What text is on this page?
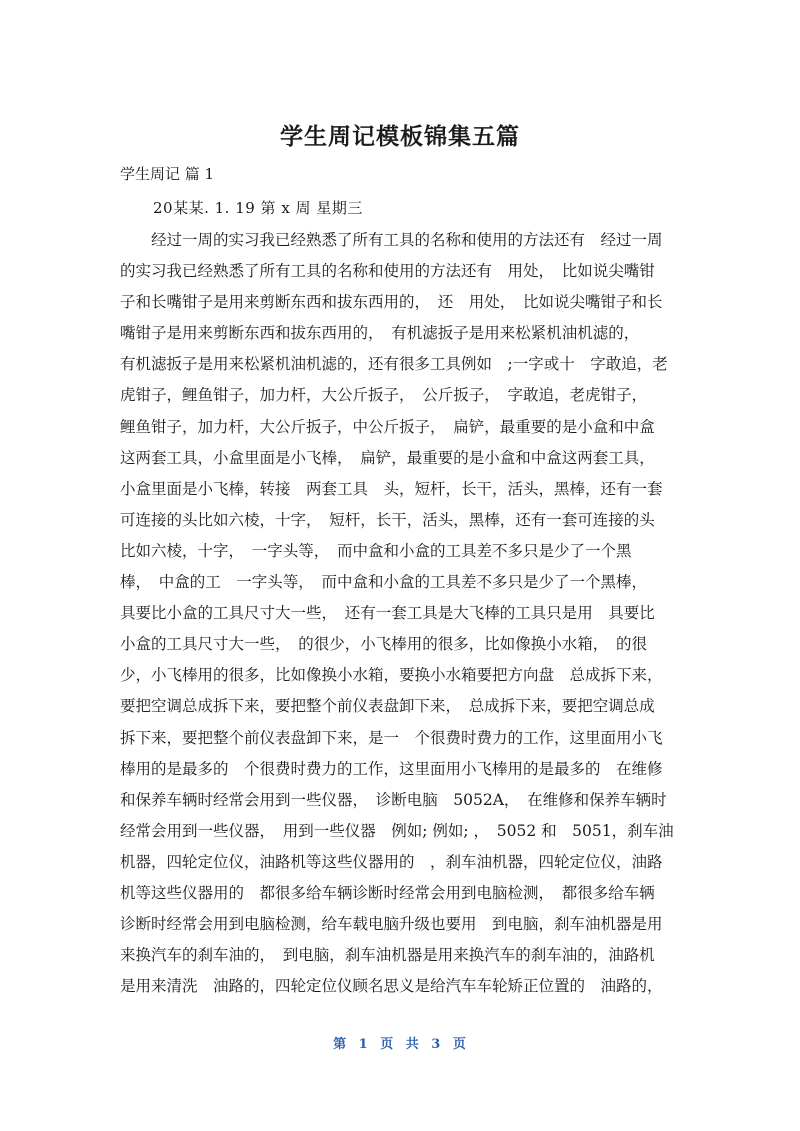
学生周记模板锦集五篇

学生周记 篇 1

20某某. 1. 19 第 x 周 星期三

　　经过一周的实习我已经熟悉了所有工具的名称和使用的方法还有　经过一周
的实习我已经熟悉了所有工具的名称和使用的方法还有　用处，　比如说尖嘴钳
子和长嘴钳子是用来剪断东西和拔东西用的，　还　用处，　比如说尖嘴钳子和长
嘴钳子是用来剪断东西和拔东西用的，　有机滤扳子是用来松紧机油机滤的，
有机滤扳子是用来松紧机油机滤的，还有很多工具例如　;一字或十　字敢追，老
虎钳子，鲤鱼钳子，加力杆，大公斤扳子，　公斤扳子，　字敢追，老虎钳子，
鲤鱼钳子，加力杆，大公斤扳子，中公斤扳子，　扁铲，最重要的是小盒和中盒
这两套工具，小盒里面是小飞棒，　扁铲，最重要的是小盒和中盒这两套工具，
小盒里面是小飞棒，转接　两套工具　头，短杆，长干，活头，黑棒，还有一套
可连接的头比如六棱，十字，　短杆，长干，活头，黑棒，还有一套可连接的头
比如六棱，十字，　一字头等，　而中盒和小盒的工具差不多只是少了一个黑
棒，　中盒的工　一字头等，　而中盒和小盒的工具差不多只是少了一个黑棒，
具要比小盒的工具尺寸大一些，　还有一套工具是大飞棒的工具只是用　具要比
小盒的工具尺寸大一些，　的很少，小飞棒用的很多，比如像换小水箱，　的很
少，小飞棒用的很多，比如像换小水箱，要换小水箱要把方向盘　总成拆下来，
要把空调总成拆下来，要把整个前仪表盘卸下来，　总成拆下来，要把空调总成
拆下来，要把整个前仪表盘卸下来，是一　个很费时费力的工作，这里面用小飞
棒用的是最多的　个很费时费力的工作，这里面用小飞棒用的是最多的　在维修
和保养车辆时经常会用到一些仪器，　诊断电脑　5052A，　在维修和保养车辆时
经常会用到一些仪器，　用到一些仪器　例如; 例如; ，　5052 和　5051，刹车油
机器，四轮定位仪，油路机等这些仪器用的　，刹车油机器，四轮定位仪，油路
机等这些仪器用的　都很多给车辆诊断时经常会用到电脑检测，　都很多给车辆
诊断时经常会用到电脑检测，给车载电脑升级也要用　到电脑，刹车油机器是用
来换汽车的刹车油的，　到电脑，刹车油机器是用来换汽车的刹车油的，油路机
是用来清洗　油路的，四轮定位仪顾名思义是给汽车车轮矫正位置的　油路的，
第 1 页 共 3 页
